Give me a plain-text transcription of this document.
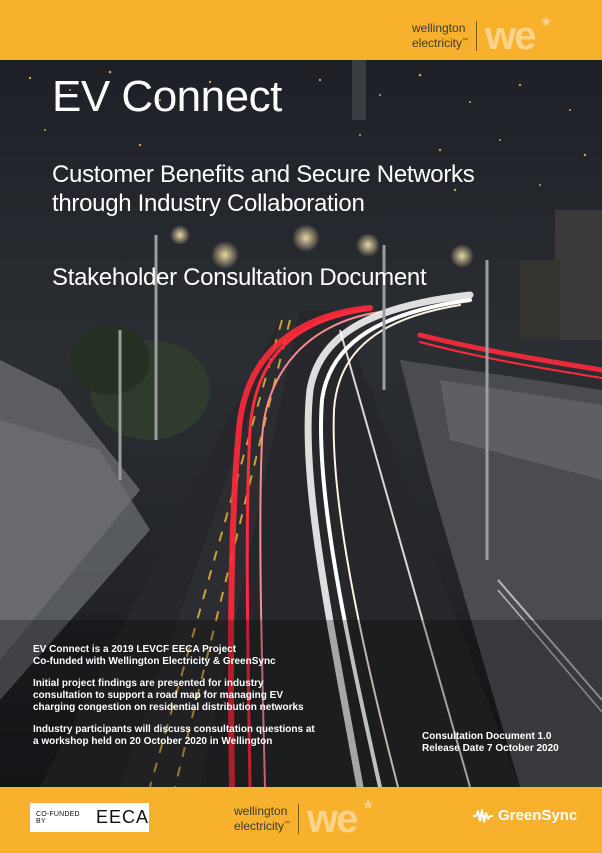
wellington
electricity™ we *
EV Connect
Customer Benefits and Secure Networks
through Industry Collaboration
Stakeholder Consultation Document

EV Connect is a 2019 LEVCF EECA Project
Co-funded with Wellington Electricity & GreenSync

Initial project findings are presented for industry
consultation to support a road map for managing EV
charging congestion on residential distribution networks

Industry participants will discuss consultation questions at
a workshop held on 20 October 2020 in Wellington	Consultation Document 1.0
Release Date 7 October 2020
CO-FUNDED BY	EECA	wellington
electricity™ we *	GreenSync
